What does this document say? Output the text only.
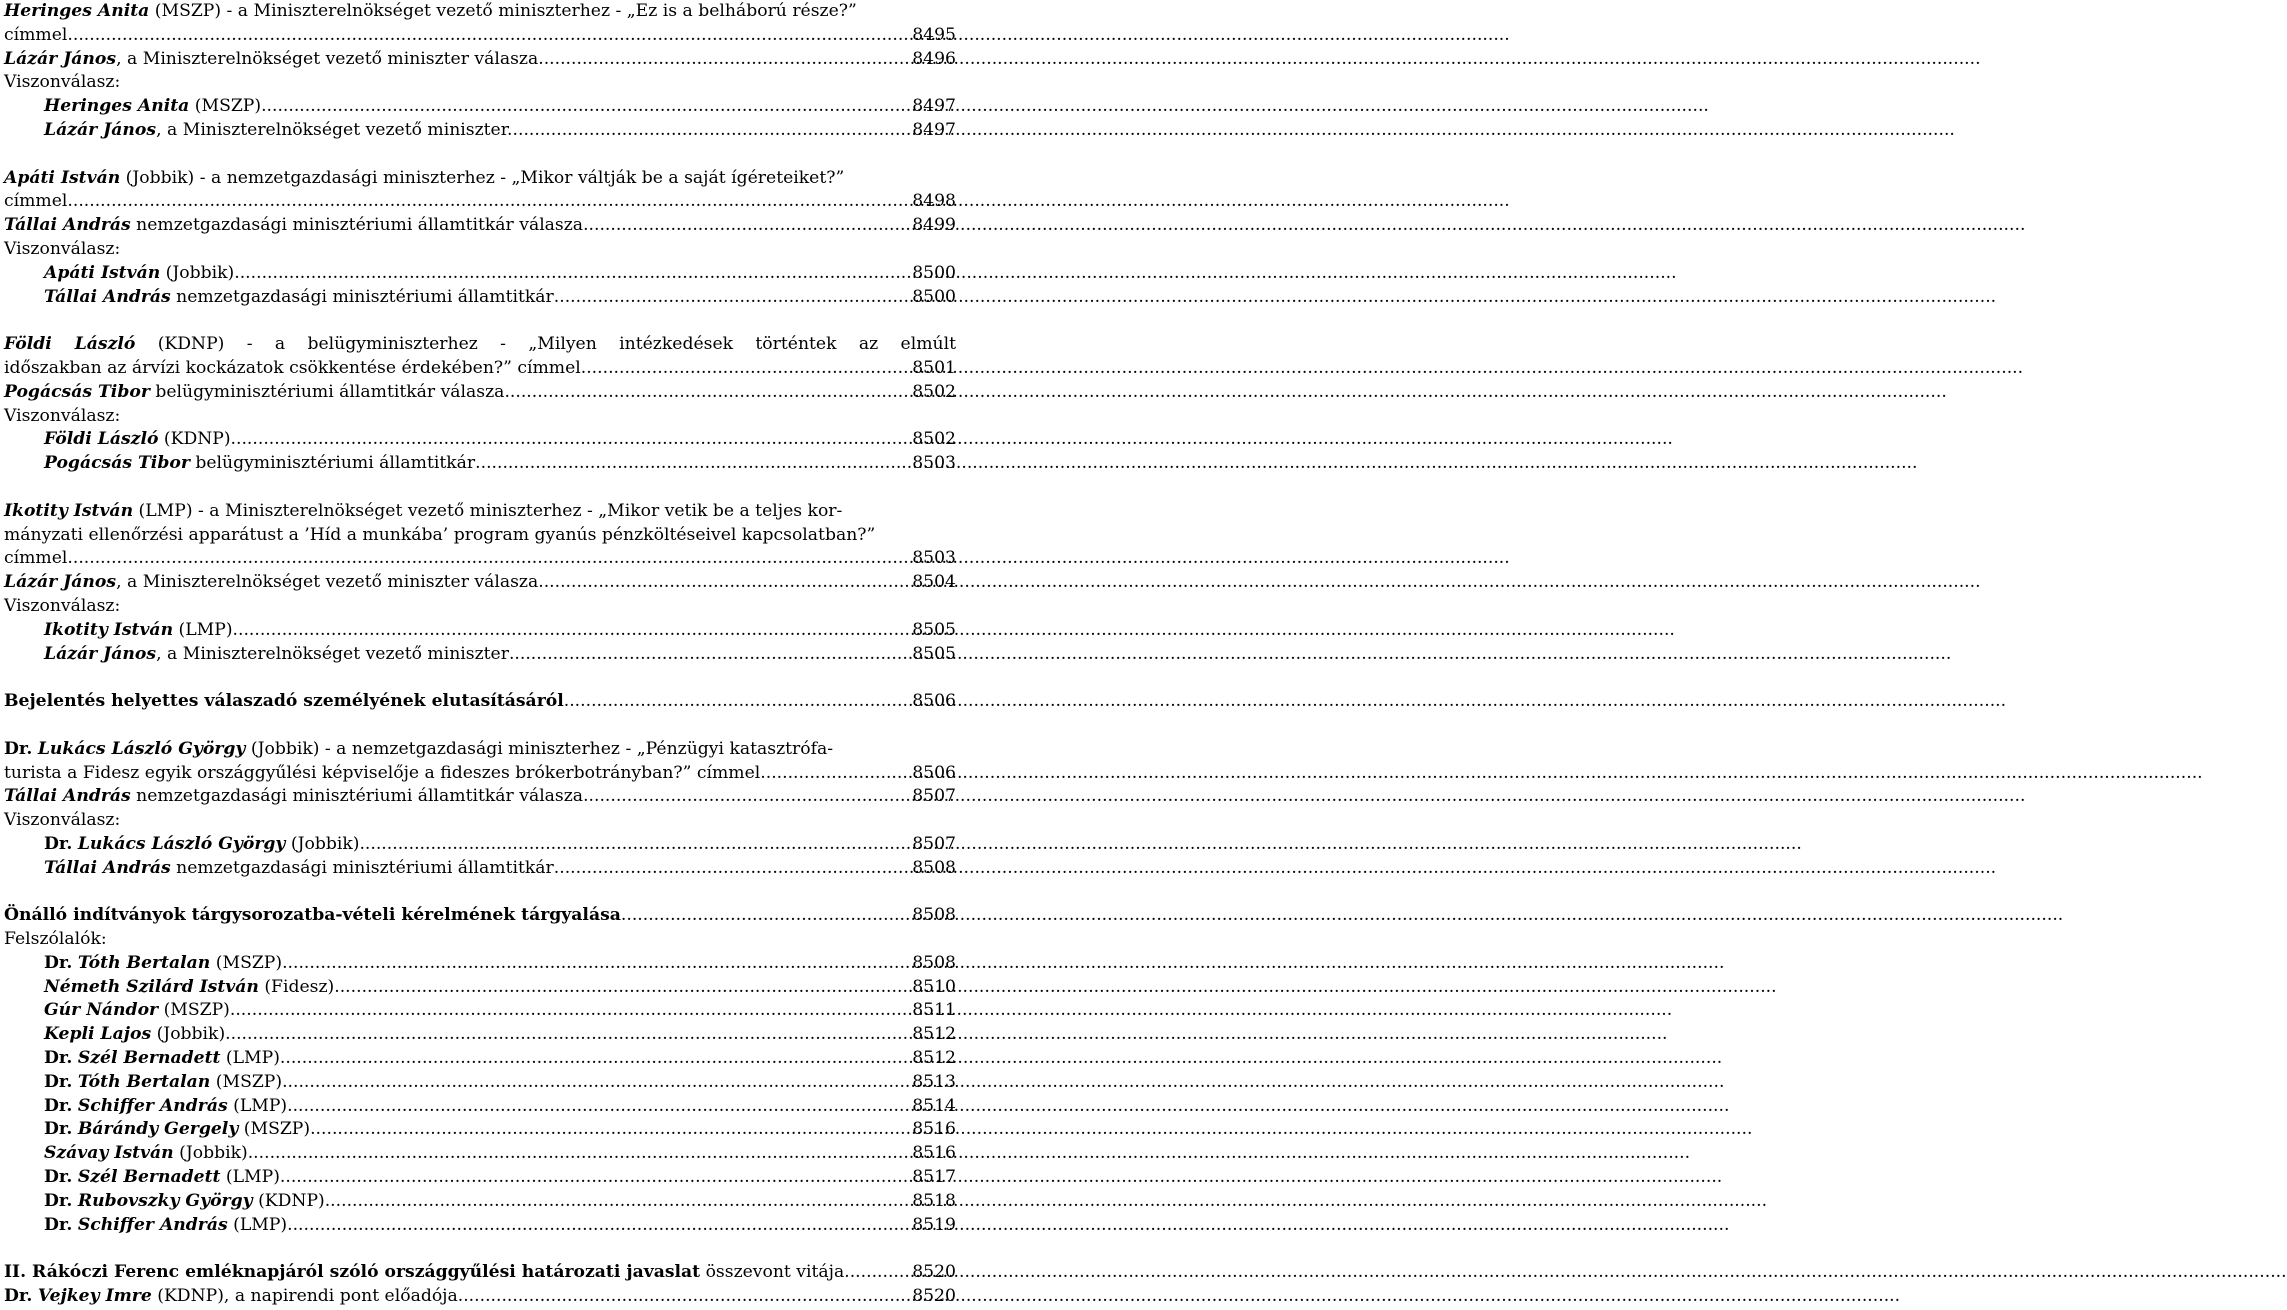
Heringes Anita (MSZP) - a Miniszterelnökséget vezető miniszterhez - „Ez is a belháború része?”
címmel .....	8495
Lázár János, a Miniszterelnökséget vezető miniszter válasza .....	8496
Viszonválasz:
Heringes Anita (MSZP). .....	8497
Lázár János, a Miniszterelnökséget vezető miniszter. .....	8497
Apáti István (Jobbik) - a nemzetgazdasági miniszterhez - „Mikor váltják be a saját ígéreteiket?”
címmel .....	8498
Tállai András nemzetgazdasági minisztériumi államtitkár válasza .....	8499
Viszonválasz:
Apáti István (Jobbik) .....	8500
Tállai András nemzetgazdasági minisztériumi államtitkár .....	8500
Földi László (KDNP) - a belügyminiszterhez - „Milyen intézkedések történtek az elmúlt
időszakban az árvízi kockázatok csökkentése érdekében?” címmel .....	8501
Pogácsás Tibor belügyminisztériumi államtitkár válasza .....	8502
Viszonválasz:
Földi László (KDNP) .....	8502
Pogácsás Tibor belügyminisztériumi államtitkár .....	8503
Ikotity István (LMP) - a Miniszterelnökséget vezető miniszterhez - „Mikor vetik be a teljes kor-
mányzati ellenőrzési apparátust a ’Híd a munkába’ program gyanús pénzköltéseivel kapcsolatban?”
címmel .....	8503
Lázár János, a Miniszterelnökséget vezető miniszter válasza .....	8504
Viszonválasz:
Ikotity István (LMP) .....	8505
Lázár János, a Miniszterelnökséget vezető miniszter .....	8505
Bejelentés helyettes válaszadó személyének elutasításáról .....	8506
Dr. Lukács László György (Jobbik) - a nemzetgazdasági miniszterhez - „Pénzügyi katasztrófa-
turista a Fidesz egyik országgyűlési képviselője a fideszes brókerbotrányban?” címmel .....	8506
Tállai András nemzetgazdasági minisztériumi államtitkár válasza .....	8507
Viszonválasz:
Dr. Lukács László György (Jobbik) .....	8507
Tállai András nemzetgazdasági minisztériumi államtitkár .....	8508
Önálló indítványok tárgysorozatba-vételi kérelmének tárgyalása .....	8508
Felszólalók:
Dr. Tóth Bertalan (MSZP) .....	8508
Németh Szilárd István (Fidesz) .....	8510
Gúr Nándor (MSZP) .....	8511
Kepli Lajos (Jobbik) .....	8512
Dr. Szél Bernadett (LMP) .....	8512
Dr. Tóth Bertalan (MSZP) .....	8513
Dr. Schiffer András (LMP) .....	8514
Dr. Bárándy Gergely (MSZP) .....	8516
Szávay István (Jobbik) .....	8516
Dr. Szél Bernadett (LMP) .....	8517
Dr. Rubovszky György (KDNP) .....	8518
Dr. Schiffer András (LMP) .....	8519
II. Rákóczi Ferenc emléknapjáról szóló országgyűlési határozati javaslat összevont vitája .....	8520
Dr. Vejkey Imre (KDNP), a napirendi pont előadója .....	8520
